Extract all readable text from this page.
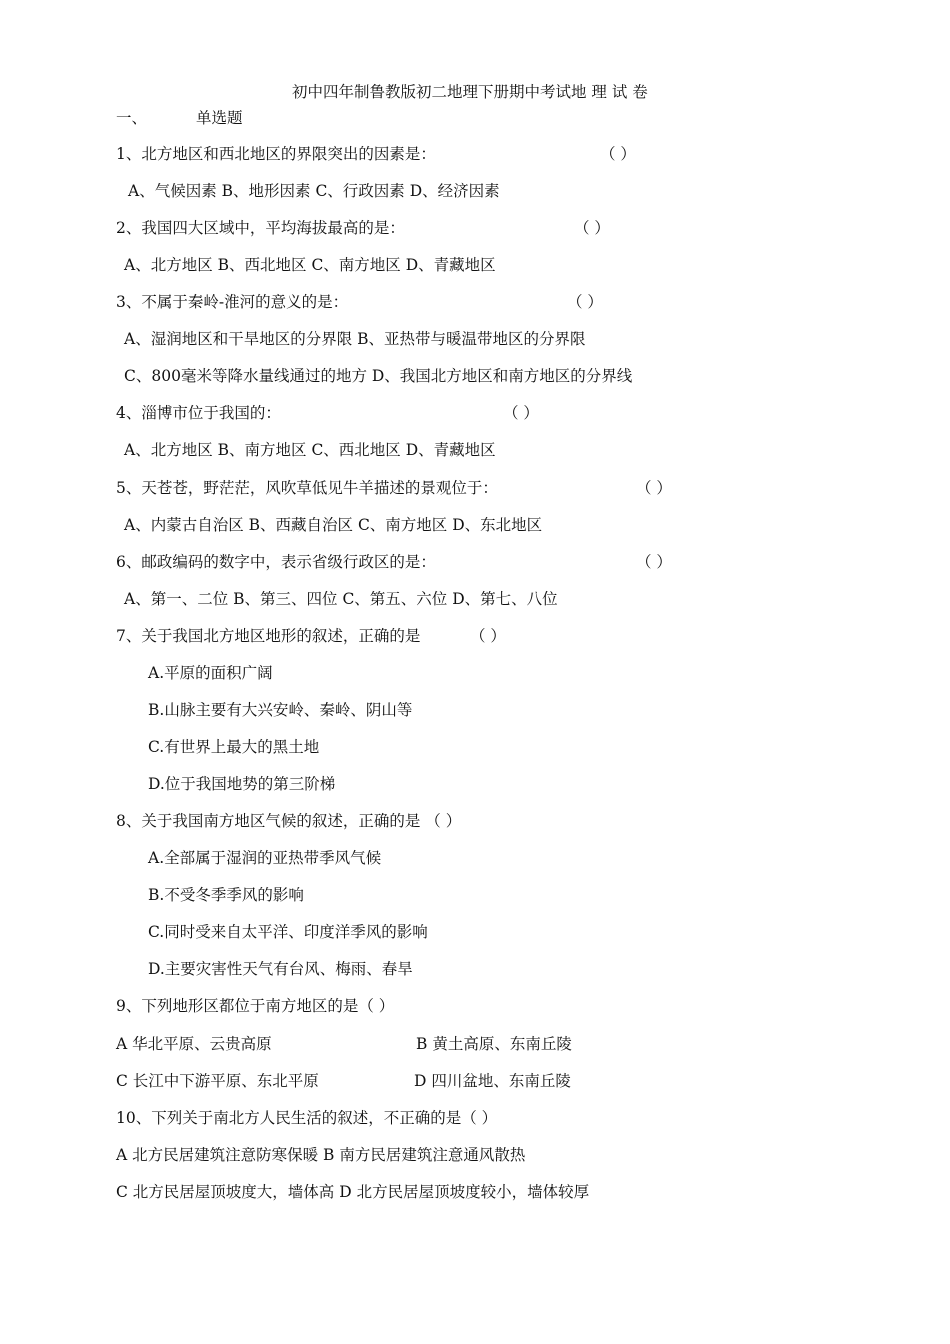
初中四年制鲁教版初二地理下册期中考试地 理 试 卷
一、	单选题
1、北方地区和西北地区的界限突出的因素是：	（ ）
A、气候因素 B、地形因素 C、行政因素 D、经济因素
2、我国四大区域中，平均海拔最高的是：	（ ）
A、北方地区 B、西北地区 C、南方地区 D、青藏地区
3、不属于秦岭-淮河的意义的是：	（ ）
A、湿润地区和干旱地区的分界限 B、亚热带与暖温带地区的分界限
C、800毫米等降水量线通过的地方 D、我国北方地区和南方地区的分界线
4、淄博市位于我国的：	（ ）
A、北方地区 B、南方地区 C、西北地区 D、青藏地区
5、天苍苍，野茫茫，风吹草低见牛羊描述的景观位于：	（ ）
A、内蒙古自治区 B、西藏自治区 C、南方地区 D、东北地区
6、邮政编码的数字中，表示省级行政区的是：	（ ）
A、第一、二位 B、第三、四位 C、第五、六位 D、第七、八位
7、关于我国北方地区地形的叙述，正确的是	（ ）
A.平原的面积广阔
B.山脉主要有大兴安岭、秦岭、阴山等
C.有世界上最大的黑土地
D.位于我国地势的第三阶梯
8、关于我国南方地区气候的叙述，正确的是 （ ）
A.全部属于湿润的亚热带季风气候
B.不受冬季季风的影响
C.同时受来自太平洋、印度洋季风的影响
D.主要灾害性天气有台风、梅雨、春旱
9、下列地形区都位于南方地区的是（ ）
A 华北平原、云贵高原	B 黄土高原、东南丘陵
C 长江中下游平原、东北平原	D 四川盆地、东南丘陵
10、下列关于南北方人民生活的叙述，不正确的是（ ）
A 北方民居建筑注意防寒保暖 B 南方民居建筑注意通风散热
C 北方民居屋顶坡度大，墙体高 D 北方民居屋顶坡度较小，墙体较厚
